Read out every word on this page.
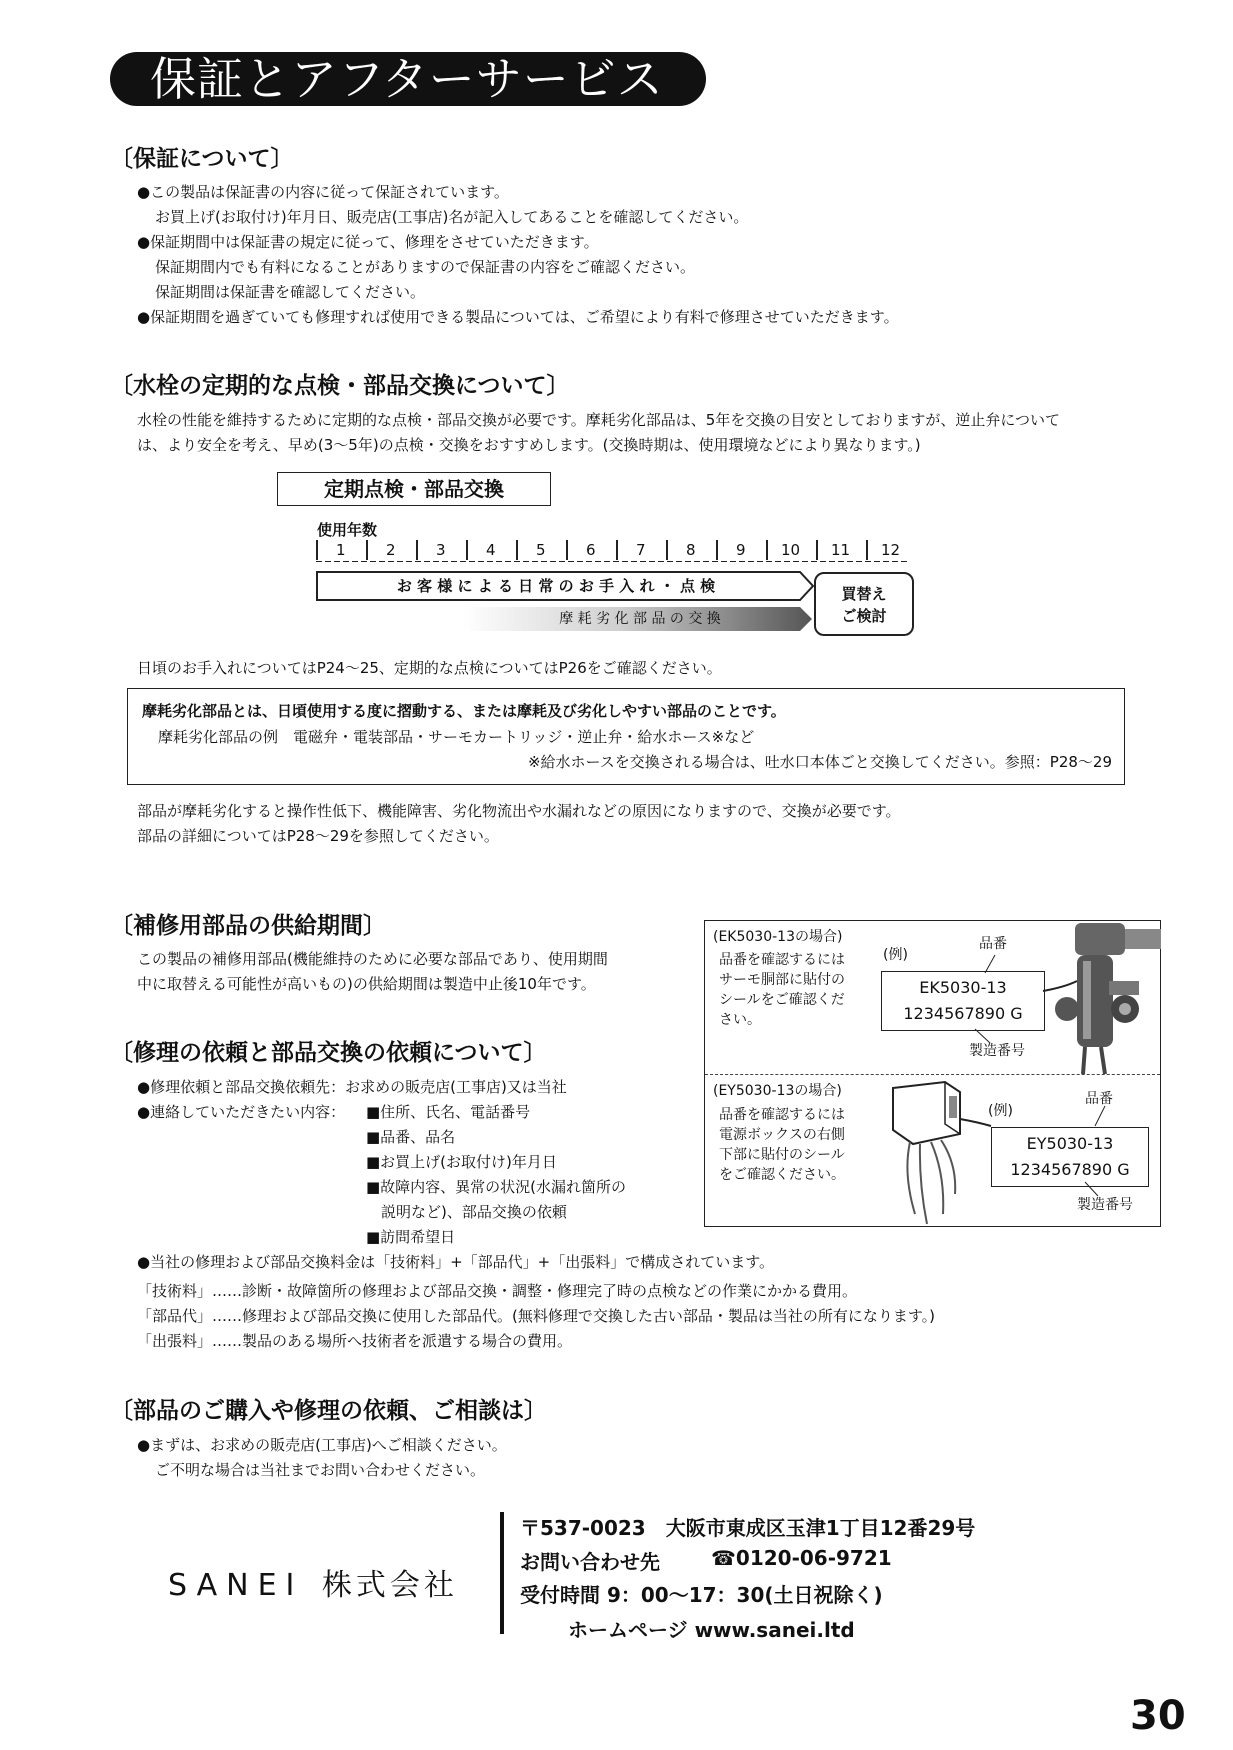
保証とアフターサービス
〔保証について〕
●この製品は保証書の内容に従って保証されています。
お買上げ(お取付け)年月日、販売店(工事店)名が記入してあることを確認してください。
●保証期間中は保証書の規定に従って、修理をさせていただきます。
保証期間内でも有料になることがありますので保証書の内容をご確認ください。
保証期間は保証書を確認してください。
●保証期間を過ぎていても修理すれば使用できる製品については、ご希望により有料で修理させていただきます。
〔水栓の定期的な点検・部品交換について〕
水栓の性能を維持するために定期的な点検・部品交換が必要です。摩耗劣化部品は、5年を交換の目安としておりますが、逆止弁について
は、より安全を考え、早め(3〜5年)の点検・交換をおすすめします。(交換時期は、使用環境などにより異なります。)
定期点検・部品交換
使用年数
1	2	3	4	5	6	7	8	9 10 11 12
お 客 様 に よ る 日 常 の お 手 入 れ ・ 点 検
摩 耗 劣 化 部 品 の 交 換
買替え
ご検討
日頃のお手入れについてはP24〜25、定期的な点検についてはP26をご確認ください。
摩耗劣化部品とは、日頃使用する度に摺動する、または摩耗及び劣化しやすい部品のことです。
摩耗劣化部品の例　電磁弁・電装部品・サーモカートリッジ・逆止弁・給水ホース※など
※給水ホースを交換される場合は、吐水口本体ごと交換してください。参照：P28〜29
部品が摩耗劣化すると操作性低下、機能障害、劣化物流出や水漏れなどの原因になりますので、交換が必要です。
部品の詳細についてはP28〜29を参照してください。
〔補修用部品の供給期間〕
この製品の補修用部品(機能維持のために必要な部品であり、使用期間
中に取替える可能性が高いもの)の供給期間は製造中止後10年です。
(EK5030-13の場合)
品番を確認するには
サーモ胴部に貼付の
シールをご確認くだ
さい。
(例)
品番
EK5030-13
1234567890 G
製造番号
(EY5030-13の場合)
品番を確認するには
電源ボックスの右側
下部に貼付のシール
をご確認ください。
(例)
品番
EY5030-13
1234567890 G
製造番号
〔修理の依頼と部品交換の依頼について〕
●修理依頼と部品交換依頼先：お求めの販売店(工事店)又は当社
●連絡していただきたい内容： ■住所、氏名、電話番号
■品番、品名
■お買上げ(お取付け)年月日
■故障内容、異常の状況(水漏れ箇所の
説明など)、部品交換の依頼
■訪問希望日
●当社の修理および部品交換料金は「技術料」+「部品代」+「出張料」で構成されています。
「技術料」……診断・故障箇所の修理および部品交換・調整・修理完了時の点検などの作業にかかる費用。
「部品代」……修理および部品交換に使用した部品代。(無料修理で交換した古い部品・製品は当社の所有になります。)
「出張料」……製品のある場所へ技術者を派遣する場合の費用。
〔部品のご購入や修理の依頼、ご相談は〕
●まずは、お求めの販売店(工事店)へご相談ください。
ご不明な場合は当社までお問い合わせください。
SANEI 株式会社
〒537-0023　大阪市東成区玉津1丁目12番29号
お問い合わせ先	☎0120-06-9721
受付時間 9：00〜17：30(土日祝除く)
ホームページ www.sanei.ltd
30
